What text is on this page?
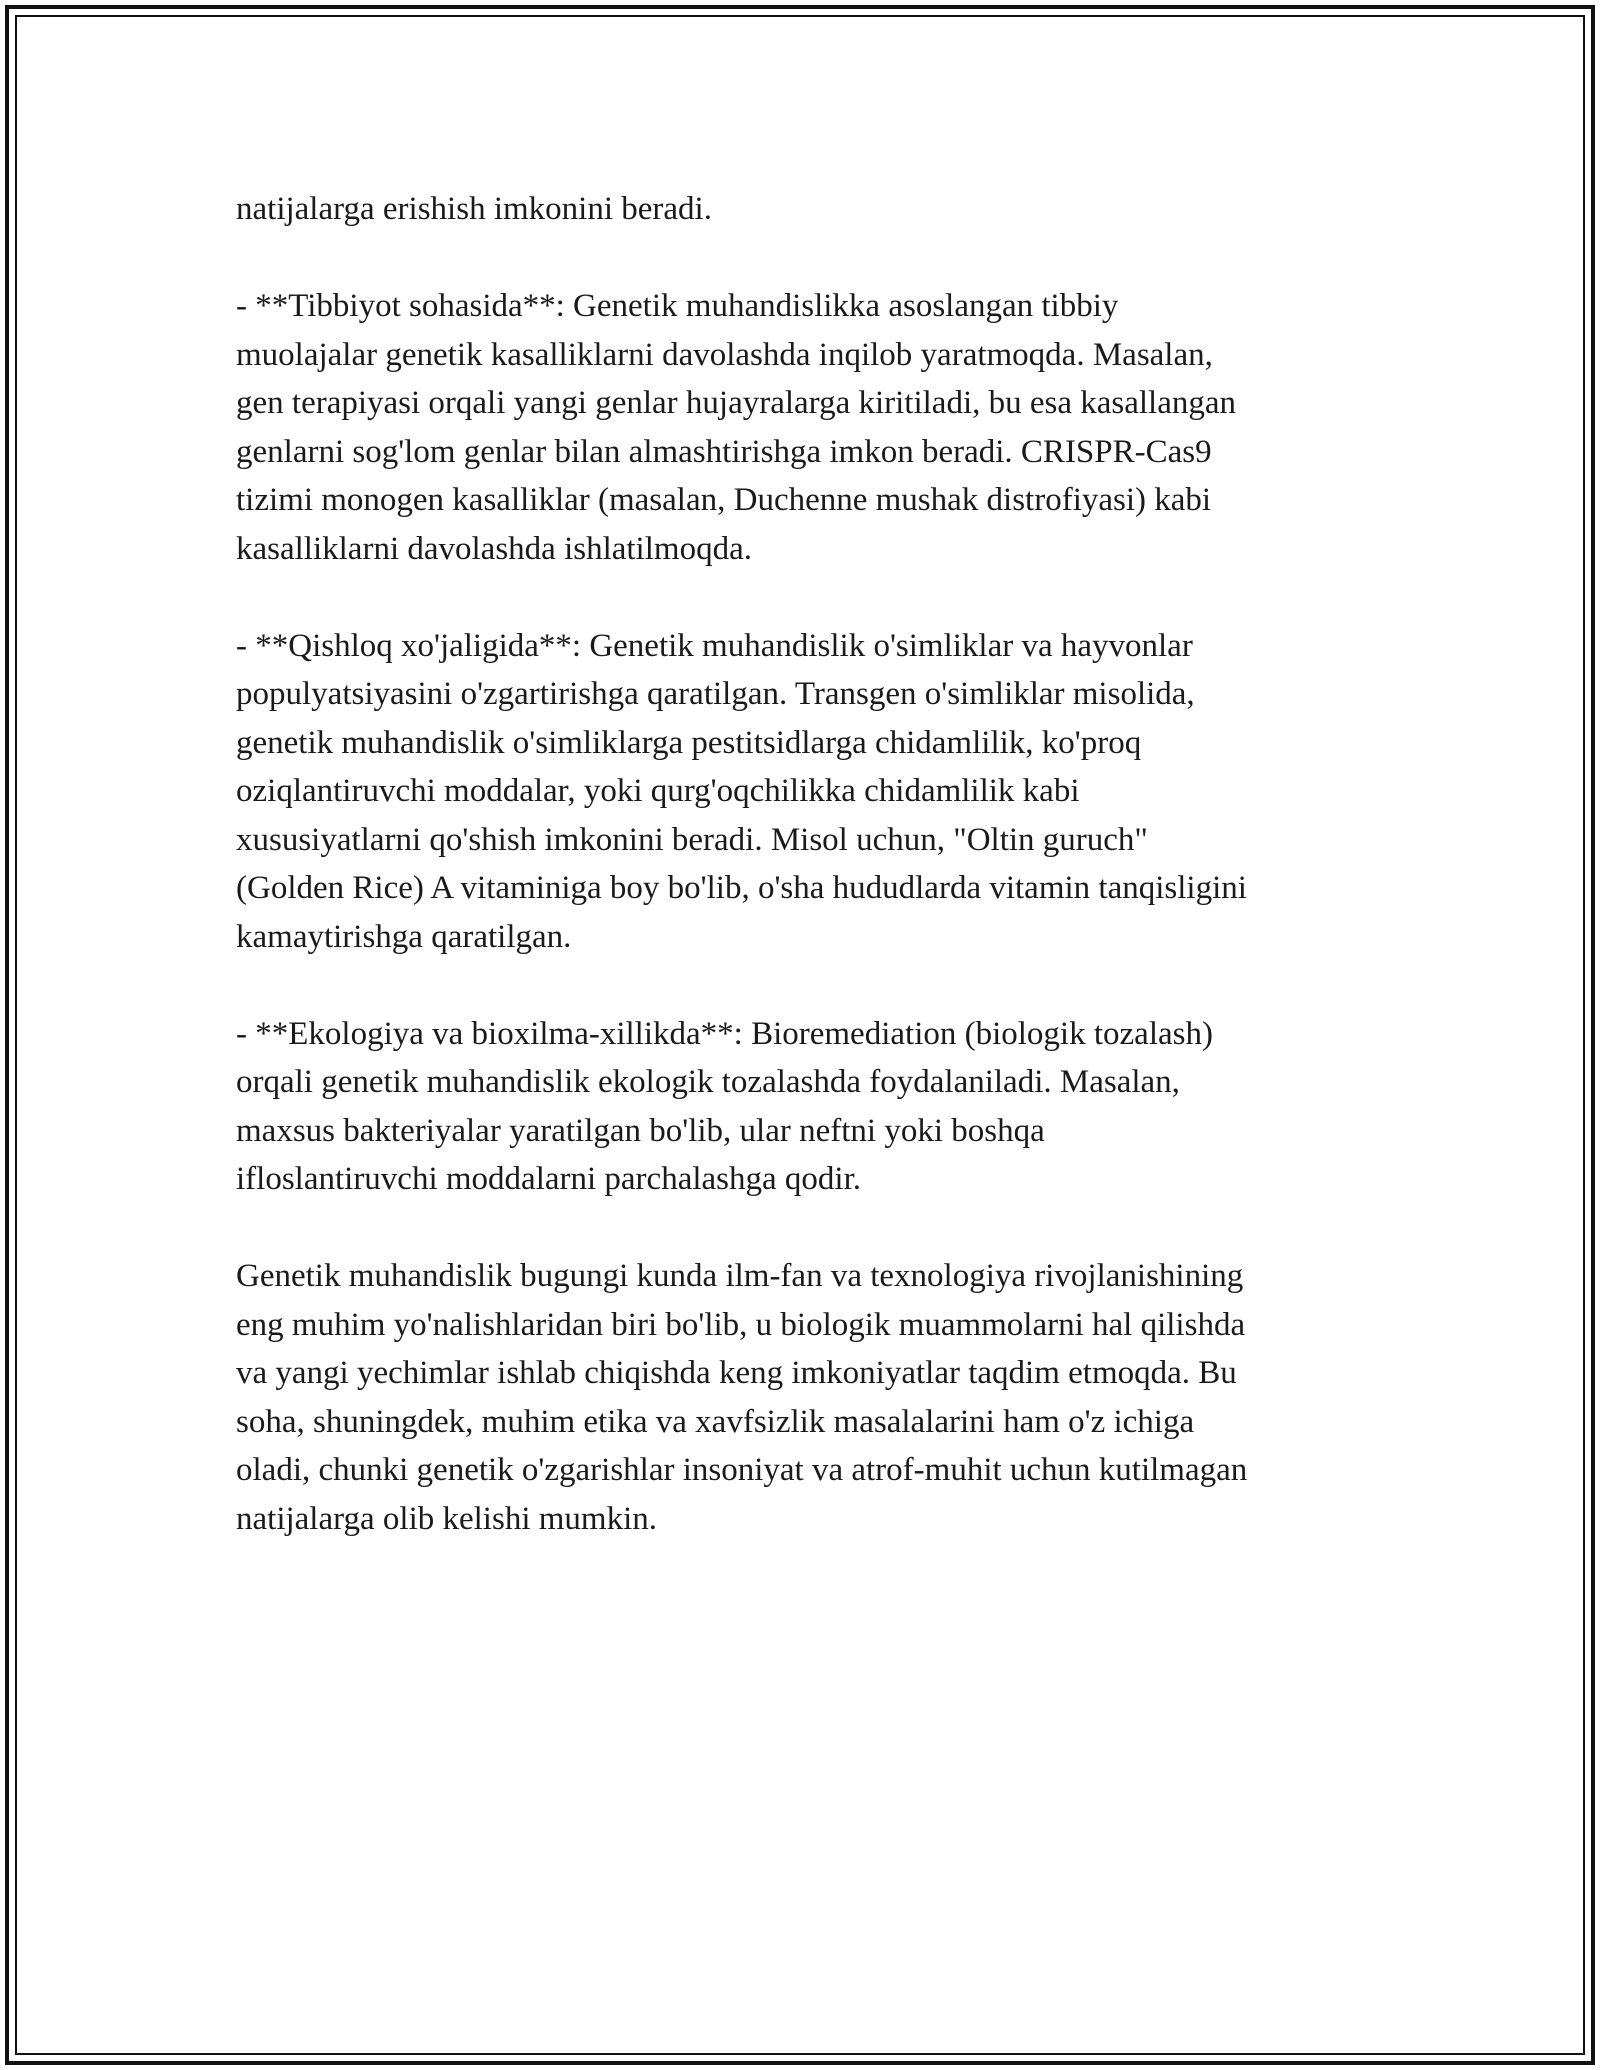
natijalarga erishish imkonini beradi.

- **Tibbiyot sohasida**: Genetik muhandislikka asoslangan tibbiy
muolajalar genetik kasalliklarni davolashda inqilob yaratmoqda. Masalan,
gen terapiyasi orqali yangi genlar hujayralarga kiritiladi, bu esa kasallangan
genlarni sog'lom genlar bilan almashtirishga imkon beradi. CRISPR-Cas9
tizimi monogen kasalliklar (masalan, Duchenne mushak distrofiyasi) kabi
kasalliklarni davolashda ishlatilmoqda.

- **Qishloq xo'jaligida**: Genetik muhandislik o'simliklar va hayvonlar
populyatsiyasini o'zgartirishga qaratilgan. Transgen o'simliklar misolida,
genetik muhandislik o'simliklarga pestitsidlarga chidamlilik, ko'proq
oziqlantiruvchi moddalar, yoki qurg'oqchilikka chidamlilik kabi
xususiyatlarni qo'shish imkonini beradi. Misol uchun, "Oltin guruch"
(Golden Rice) A vitaminiga boy bo'lib, o'sha hududlarda vitamin tanqisligini
kamaytirishga qaratilgan.

- **Ekologiya va bioxilma-xillikda**: Bioremediation (biologik tozalash)
orqali genetik muhandislik ekologik tozalashda foydalaniladi. Masalan,
maxsus bakteriyalar yaratilgan bo'lib, ular neftni yoki boshqa
ifloslantiruvchi moddalarni parchalashga qodir.

Genetik muhandislik bugungi kunda ilm-fan va texnologiya rivojlanishining
eng muhim yo'nalishlaridan biri bo'lib, u biologik muammolarni hal qilishda
va yangi yechimlar ishlab chiqishda keng imkoniyatlar taqdim etmoqda. Bu
soha, shuningdek, muhim etika va xavfsizlik masalalarini ham o'z ichiga
oladi, chunki genetik o'zgarishlar insoniyat va atrof-muhit uchun kutilmagan
natijalarga olib kelishi mumkin.
